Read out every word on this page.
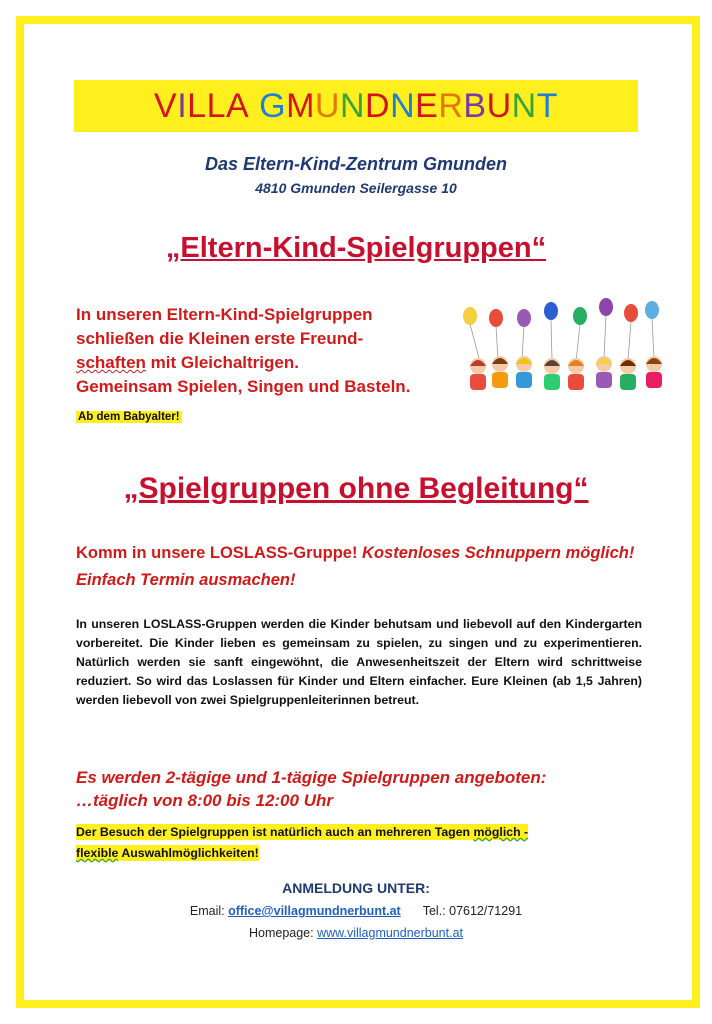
VILLA GMUNDNERBUNT
Das Eltern-Kind-Zentrum Gmunden
4810 Gmunden Seilergasse 10
„Eltern-Kind-Spielgruppen“
In unseren Eltern-Kind-Spielgruppen
schließen die Kleinen erste Freund-
schaften mit Gleichaltrigen.
Gemeinsam Spielen, Singen und Basteln.
Ab dem Babyalter!
„Spielgruppen ohne Begleitung“
Komm in unsere LOSLASS-Gruppe! Kostenloses Schnuppern möglich! Einfach Termin ausmachen!
In unseren LOSLASS-Gruppen werden die Kinder behutsam und liebevoll auf den Kindergarten vorbereitet. Die Kinder lieben es gemeinsam zu spielen, zu singen und zu experimentieren. Natürlich werden sie sanft eingewöhnt, die Anwesenheitszeit der Eltern wird schrittweise reduziert. So wird das Loslassen für Kinder und Eltern einfacher. Eure Kleinen (ab 1,5 Jahren) werden liebevoll von zwei Spielgruppenleiterinnen betreut.
Es werden 2-tägige und 1-tägige Spielgruppen angeboten:
…täglich von 8:00 bis 12:00 Uhr
Der Besuch der Spielgruppen ist natürlich auch an mehreren Tagen möglich -
flexible Auswahlmöglichkeiten!
ANMELDUNG UNTER:
Email: office@villagmundnerbunt.at Tel.: 07612/71291
Homepage: www.villagmundnerbunt.at
